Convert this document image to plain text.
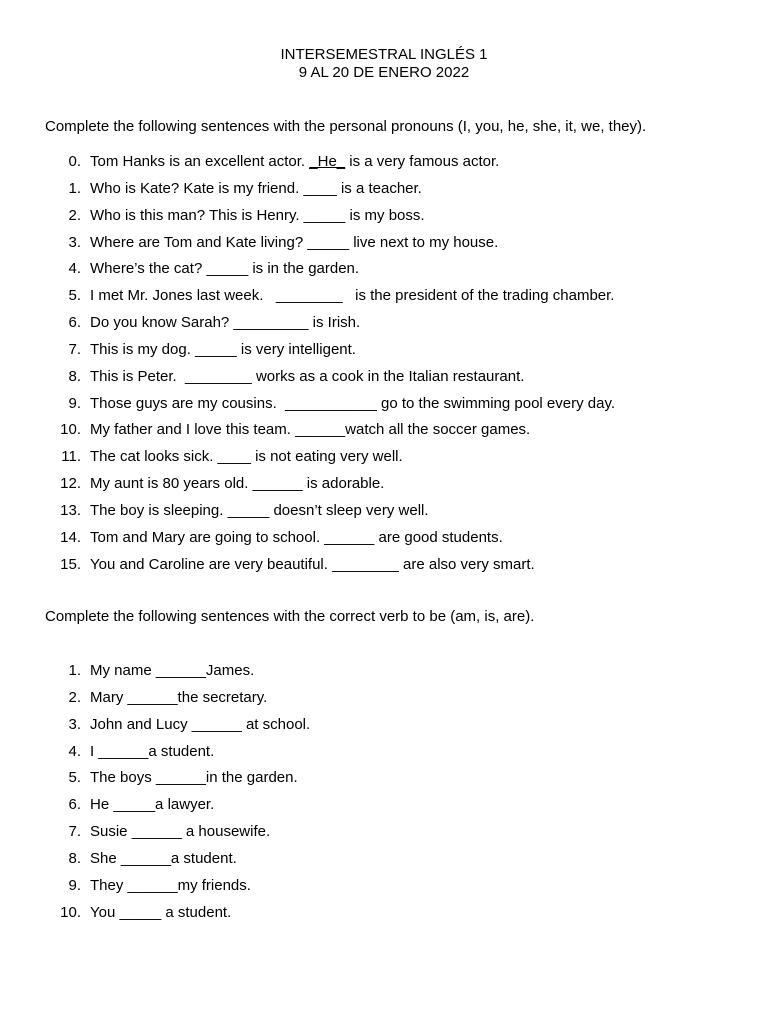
INTERSEMESTRAL INGLÉS 1
9 AL 20 DE ENERO 2022
Complete the following sentences with the personal pronouns (I, you, he, she, it, we, they).
0. Tom Hanks is an excellent actor. _He_ is a very famous actor.
1. Who is Kate? Kate is my friend. ____ is a teacher.
2. Who is this man? This is Henry. _____ is my boss.
3. Where are Tom and Kate living? _____ live next to my house.
4. Where’s the cat? _____ is in the garden.
5. I met Mr. Jones last week.   ________   is the president of the trading chamber.
6. Do you know Sarah? _________ is Irish.
7. This is my dog. _____ is very intelligent.
8. This is Peter.  ________ works as a cook in the Italian restaurant.
9. Those guys are my cousins.  ___________ go to the swimming pool every day.
10. My father and I love this team. ______watch all the soccer games.
11. The cat looks sick. ____ is not eating very well.
12. My aunt is 80 years old. ______ is adorable.
13. The boy is sleeping. _____ doesn’t sleep very well.
14. Tom and Mary are going to school. ______ are good students.
15. You and Caroline are very beautiful. ________ are also very smart.
Complete the following sentences with the correct verb to be (am, is, are).
1. My name ______James.
2. Mary ______the secretary.
3. John and Lucy ______ at school.
4. I ______a student.
5. The boys ______in the garden.
6. He _____a lawyer.
7. Susie ______ a housewife.
8. She ______a student.
9. They ______my friends.
10. You _____ a student.
